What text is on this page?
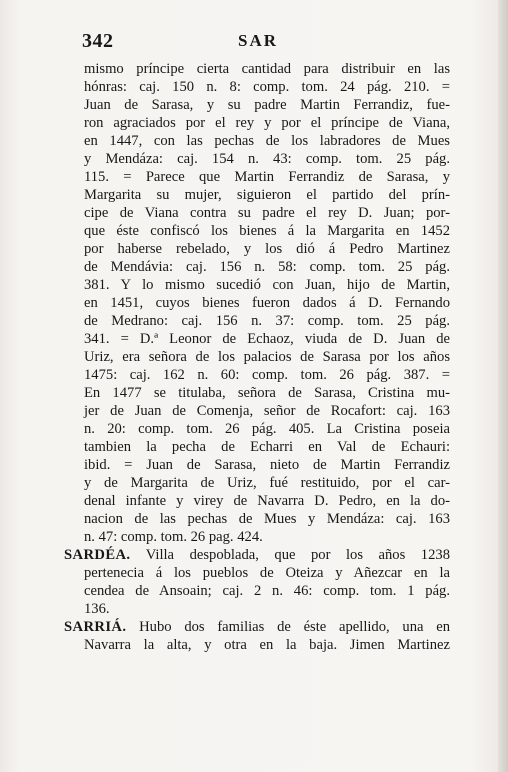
342	SAR
mismo príncipe cierta cantidad para distribuir en las
hónras: caj. 150 n. 8: comp. tom. 24 pág. 210. =
Juan de Sarasa, y su padre Martin Ferrandiz, fue-
ron agraciados por el rey y por el príncipe de Viana,
en 1447, con las pechas de los labradores de Mues
y Mendáza: caj. 154 n. 43: comp. tom. 25 pág.
115. = Parece que Martin Ferrandiz de Sarasa, y
Margarita su mujer, siguieron el partido del prín-
cipe de Viana contra su padre el rey D. Juan; por-
que éste confiscó los bienes á la Margarita en 1452
por haberse rebelado, y los dió á Pedro Martinez
de Mendávia: caj. 156 n. 58: comp. tom. 25 pág.
381. Y lo mismo sucedió con Juan, hijo de Martin,
en 1451, cuyos bienes fueron dados á D. Fernando
de Medrano: caj. 156 n. 37: comp. tom. 25 pág.
341. = D.ª Leonor de Echaoz, viuda de D. Juan de
Uriz, era señora de los palacios de Sarasa por los años
1475: caj. 162 n. 60: comp. tom. 26 pág. 387. =
En 1477 se titulaba, señora de Sarasa, Cristina mu-
jer de Juan de Comenja, señor de Rocafort: caj. 163
n. 20: comp. tom. 26 pág. 405. La Cristina poseia
tambien la pecha de Echarri en Val de Echauri:
ibid. = Juan de Sarasa, nieto de Martin Ferrandiz
y de Margarita de Uriz, fué restituido, por el car-
denal infante y virey de Navarra D. Pedro, en la do-
nacion de las pechas de Mues y Mendáza: caj. 163
n. 47: comp. tom. 26 pag. 424.
SARDÉA. Villa despoblada, que por los años 1238
pertenecia á los pueblos de Oteiza y Añezcar en la
cendea de Ansoain; caj. 2 n. 46: comp. tom. 1 pág.
136.
SARRIÁ. Hubo dos familias de éste apellido, una en
Navarra la alta, y otra en la baja. Jimen Martinez
